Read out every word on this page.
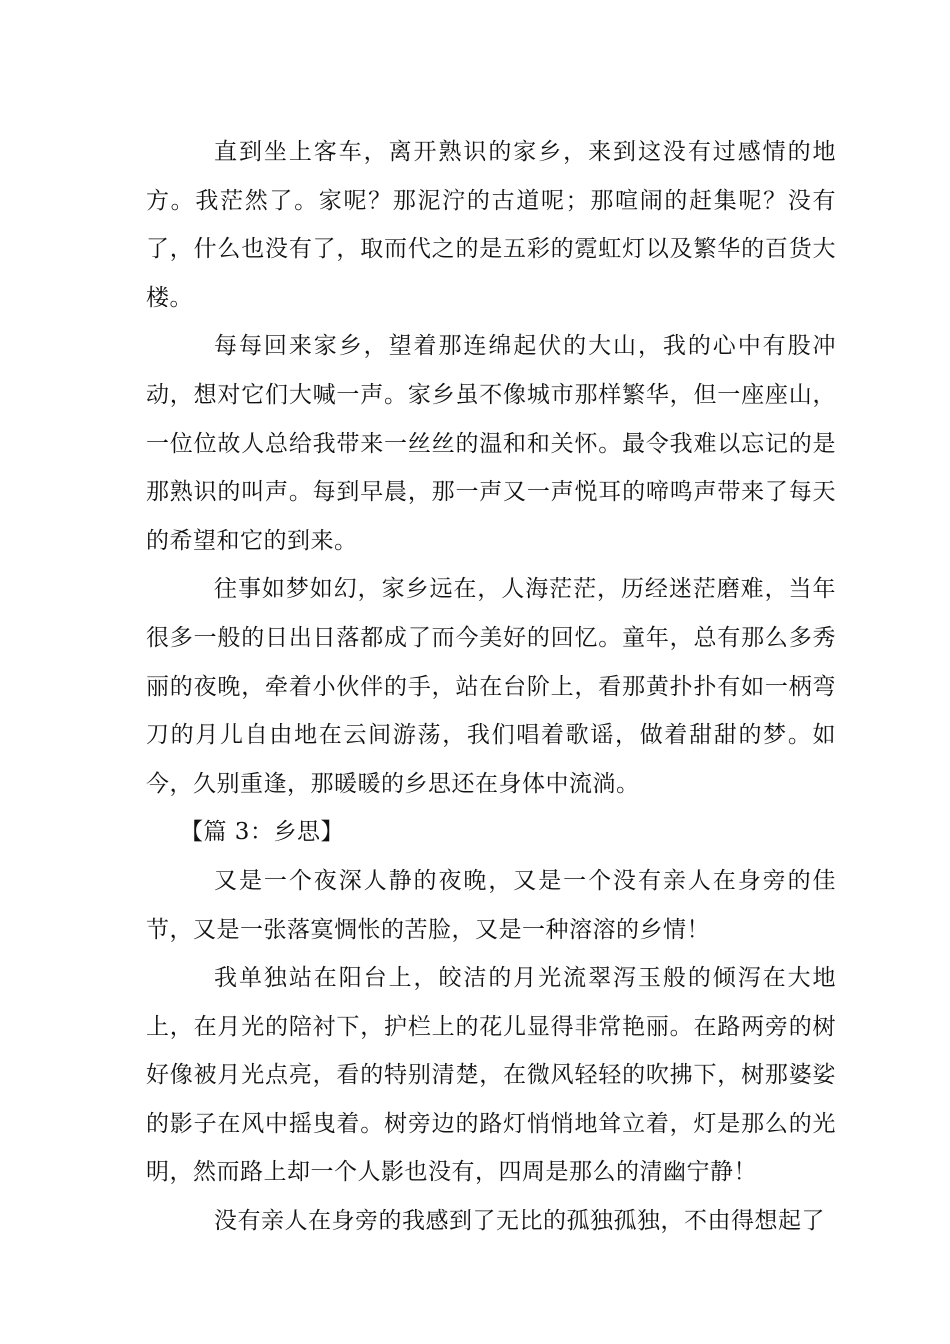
直到坐上客车，离开熟识的家乡，来到这没有过感情的地方。我茫然了。家呢？那泥泞的古道呢；那喧闹的赶集呢？没有了，什么也没有了，取而代之的是五彩的霓虹灯以及繁华的百货大楼。

每每回来家乡，望着那连绵起伏的大山，我的心中有股冲动，想对它们大喊一声。家乡虽不像城市那样繁华，但一座座山，一位位故人总给我带来一丝丝的温和和关怀。最令我难以忘记的是那熟识的叫声。每到早晨，那一声又一声悦耳的啼鸣声带来了每天的希望和它的到来。

往事如梦如幻，家乡远在，人海茫茫，历经迷茫磨难，当年很多一般的日出日落都成了而今美好的回忆。童年，总有那么多秀丽的夜晚，牵着小伙伴的手，站在台阶上，看那黄扑扑有如一柄弯刀的月儿自由地在云间游荡，我们唱着歌谣，做着甜甜的梦。如今，久别重逢，那暖暖的乡思还在身体中流淌。

【篇 3：乡思】

又是一个夜深人静的夜晚，又是一个没有亲人在身旁的佳节，又是一张落寞惆怅的苦脸，又是一种溶溶的乡情！

我单独站在阳台上，皎洁的月光流翠泻玉般的倾泻在大地上，在月光的陪衬下，护栏上的花儿显得非常艳丽。在路两旁的树好像被月光点亮，看的特别清楚，在微风轻轻的吹拂下，树那婆娑的影子在风中摇曳着。树旁边的路灯悄悄地耸立着，灯是那么的光明，然而路上却一个人影也没有，四周是那么的清幽宁静！

没有亲人在身旁的我感到了无比的孤独孤独，不由得想起了
